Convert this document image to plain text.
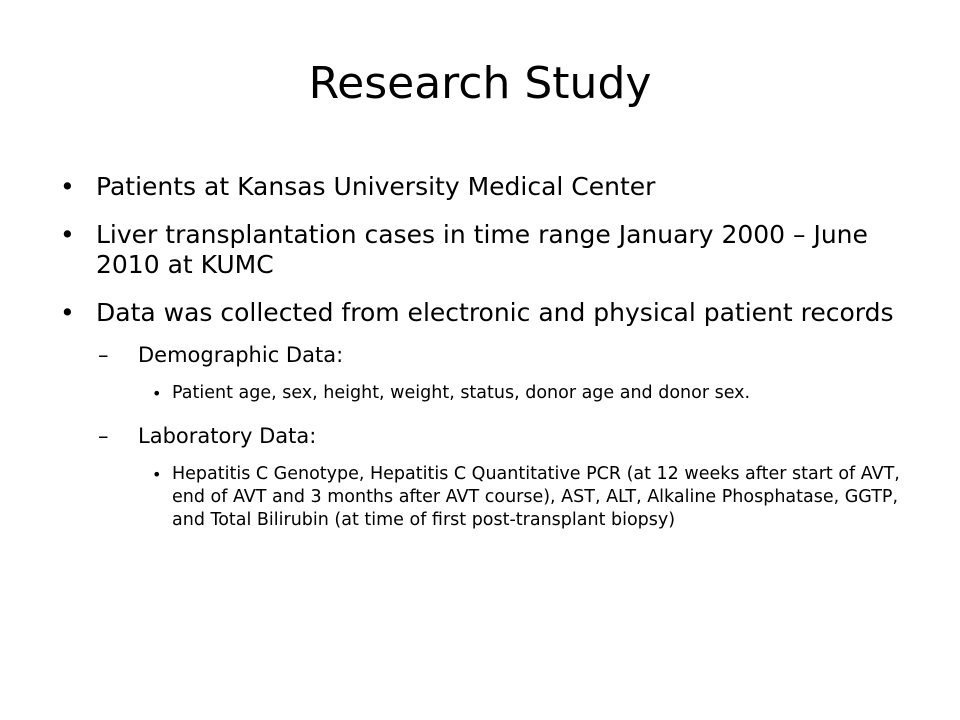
Research Study

• Patients at Kansas University Medical Center

• Liver transplantation cases in time range January 2000 – June 2010 at KUMC

• Data was collected from electronic and physical patient records

– Demographic Data:

• Patient age, sex, height, weight, status, donor age and donor sex.

– Laboratory Data:

• Hepatitis C Genotype, Hepatitis C Quantitative PCR (at 12 weeks after start of AVT, end of AVT and 3 months after AVT course), AST, ALT, Alkaline Phosphatase, GGTP, and Total Bilirubin (at time of first post-transplant biopsy)
